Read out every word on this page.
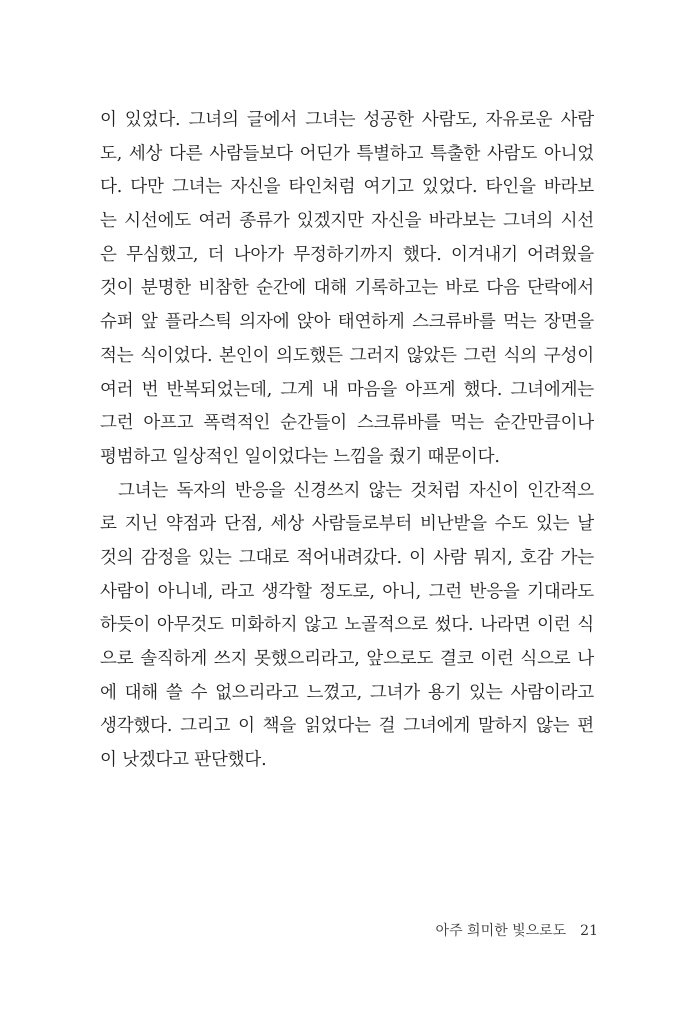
이 있었다. 그녀의 글에서 그녀는 성공한 사람도, 자유로운 사람
도, 세상 다른 사람들보다 어딘가 특별하고 특출한 사람도 아니었
다. 다만 그녀는 자신을 타인처럼 여기고 있었다. 타인을 바라보
는 시선에도 여러 종류가 있겠지만 자신을 바라보는 그녀의 시선
은 무심했고, 더 나아가 무정하기까지 했다. 이겨내기 어려웠을
것이 분명한 비참한 순간에 대해 기록하고는 바로 다음 단락에서
슈퍼 앞 플라스틱 의자에 앉아 태연하게 스크류바를 먹는 장면을
적는 식이었다. 본인이 의도했든 그러지 않았든 그런 식의 구성이
여러 번 반복되었는데, 그게 내 마음을 아프게 했다. 그녀에게는
그런 아프고 폭력적인 순간들이 스크류바를 먹는 순간만큼이나
평범하고 일상적인 일이었다는 느낌을 줬기 때문이다.
그녀는 독자의 반응을 신경쓰지 않는 것처럼 자신이 인간적으
로 지닌 약점과 단점, 세상 사람들로부터 비난받을 수도 있는 날
것의 감정을 있는 그대로 적어내려갔다. 이 사람 뭐지, 호감 가는
사람이 아니네, 라고 생각할 정도로, 아니, 그런 반응을 기대라도
하듯이 아무것도 미화하지 않고 노골적으로 썼다. 나라면 이런 식
으로 솔직하게 쓰지 못했으리라고, 앞으로도 결코 이런 식으로 나
에 대해 쓸 수 없으리라고 느꼈고, 그녀가 용기 있는 사람이라고
생각했다. 그리고 이 책을 읽었다는 걸 그녀에게 말하지 않는 편
이 낫겠다고 판단했다.
아주 희미한 빛으로도 21
